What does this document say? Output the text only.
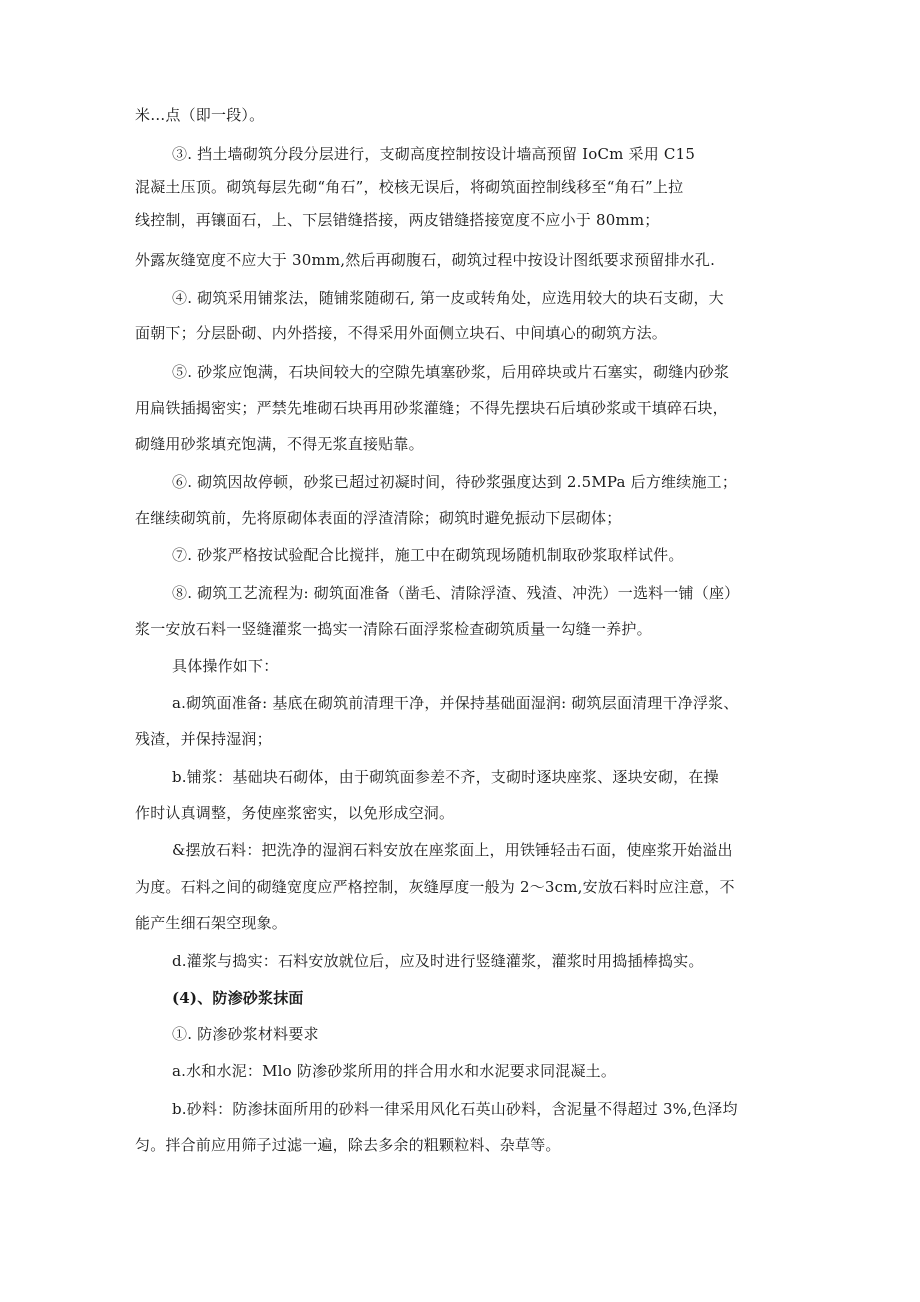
米…点（即一段）。
③. 挡土墙砌筑分段分层进行，支砌高度控制按设计墙高预留 IoCm 采用 C15
混凝土压顶。砌筑每层先砌“角石”，校核无误后，将砌筑面控制线移至“角石”上拉
线控制，再镶面石，上、下层错缝搭接，两皮错缝搭接宽度不应小于 80mm；
外露灰缝宽度不应大于 30mm,然后再砌腹石，砌筑过程中按设计图纸要求预留排水孔.
④. 砌筑采用铺浆法，随铺浆随砌石, 第一皮或转角处，应选用较大的块石支砌，大
面朝下；分层卧砌、内外搭接，不得采用外面侧立块石、中间填心的砌筑方法。
⑤. 砂浆应饱满，石块间较大的空隙先填塞砂浆，后用碎块或片石塞实，砌缝内砂浆
用扁铁插揭密实；严禁先堆砌石块再用砂浆灌缝；不得先摆块石后填砂浆或干填碎石块，
砌缝用砂浆填充饱满，不得无浆直接贴靠。
⑥. 砌筑因故停顿，砂浆已超过初凝时间，待砂浆强度达到 2.5MPa 后方维续施工；
在继续砌筑前，先将原砌体表面的浮渣清除；砌筑时避免振动下层砌体；
⑦. 砂浆严格按试验配合比搅拌，施工中在砌筑现场随机制取砂浆取样试件。
⑧. 砌筑工艺流程为: 砌筑面准备（凿毛、清除浮渣、残渣、冲洗）一选料一铺（座）
浆一安放石料一竖缝灌浆一捣实一清除石面浮浆检查砌筑质量一勾缝一养护。
具体操作如下：
a.砌筑面准备: 基底在砌筑前清理干净，并保持基础面湿润: 砌筑层面清理干净浮浆、
残渣，并保持湿润；
b.铺浆：基础块石砌体，由于砌筑面参差不齐，支砌时逐块座浆、逐块安砌，在操
作时认真调整，务使座浆密实，以免形成空洞。
&摆放石料：把洗净的湿润石料安放在座浆面上，用铁锤轻击石面，使座浆开始溢出
为度。石料之间的砌缝宽度应严格控制，灰缝厚度一般为 2～3cm,安放石料时应注意，不
能产生细石架空现象。
d.灌浆与捣实：石料安放就位后，应及时进行竖缝灌浆，灌浆时用捣插棒捣实。
(4)、防渗砂浆抹面
①. 防渗砂浆材料要求
a.水和水泥：Mlo 防渗砂浆所用的拌合用水和水泥要求同混凝土。
b.砂料：防渗抹面所用的砂料一律采用风化石英山砂料，含泥量不得超过 3%,色泽均
匀。拌合前应用筛子过滤一遍，除去多余的粗颗粒料、杂草等。
